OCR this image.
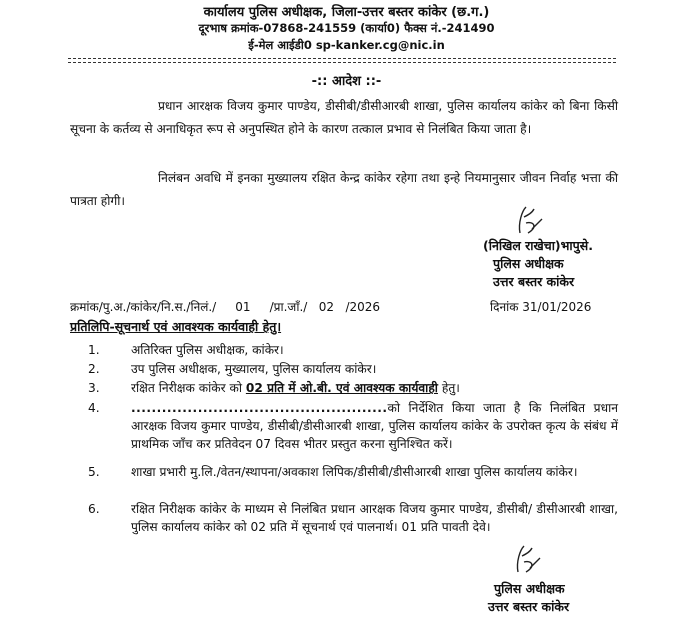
कार्यालय पुलिस अधीक्षक, जिला-उत्तर बस्तर कांकेर (छ.ग.)
दूरभाष क्रमांक-07868-241559 (कार्या0) फैक्स नं.-241490
ई-मेल आईडी0 sp-kanker.cg@nic.in
-:: आदेश ::-
प्रधान आरक्षक विजय कुमार पाण्डेय, डीसीबी/डीसीआरबी शाखा, पुलिस कार्यालय कांकेर को बिना किसी सूचना के कर्तव्य से अनाधिकृत रूप से अनुपस्थित होने के कारण तत्काल प्रभाव से निलंबित किया जाता है।
निलंबन अवधि में इनका मुख्यालय रक्षित केन्द्र कांकेर रहेगा तथा इन्हे नियमानुसार जीवन निर्वाह भत्ता की पात्रता होगी।
(निखिल राखेचा)भापुसे.
पुलिस अधीक्षक
उत्तर बस्तर कांकेर
क्रमांक/पु.अ./कांकेर/नि.स./निलं./     01     /प्रा.जाँ./   02   /2026	दिनांक 31/01/2026
प्रतिलिपि-सूचनार्थ एवं आवश्यक कार्यवाही हेतु।
1.	अतिरिक्त पुलिस अधीक्षक, कांकेर।
2.	उप पुलिस अधीक्षक, मुख्यालय, पुलिस कार्यालय कांकेर।
3.	रक्षित निरीक्षक कांकेर को 02 प्रति में ओ.बी. एवं आवश्यक कार्यवाही हेतु।
4.	..................................................को निर्देशित किया जाता है कि निलंबित प्रधान आरक्षक विजय कुमार पाण्डेय, डीसीबी/डीसीआरबी शाखा, पुलिस कार्यालय कांकेर के उपरोक्त कृत्य के संबंध में प्राथमिक जाँच कर प्रतिवेदन 07 दिवस भीतर प्रस्तुत करना सुनिश्चित करें।
5.	शाखा प्रभारी मु.लि./वेतन/स्थापना/अवकाश लिपिक/डीसीबी/डीसीआरबी शाखा पुलिस कार्यालय कांकेर।
6.	रक्षित निरीक्षक कांकेर के माध्यम से निलंबित प्रधान आरक्षक विजय कुमार पाण्डेय, डीसीबी/ डीसीआरबी शाखा, पुलिस कार्यालय कांकेर को 02 प्रति में सूचनार्थ एवं पालनार्थ। 01 प्रति पावती देवे।
पुलिस अधीक्षक
उत्तर बस्तर कांकेर
